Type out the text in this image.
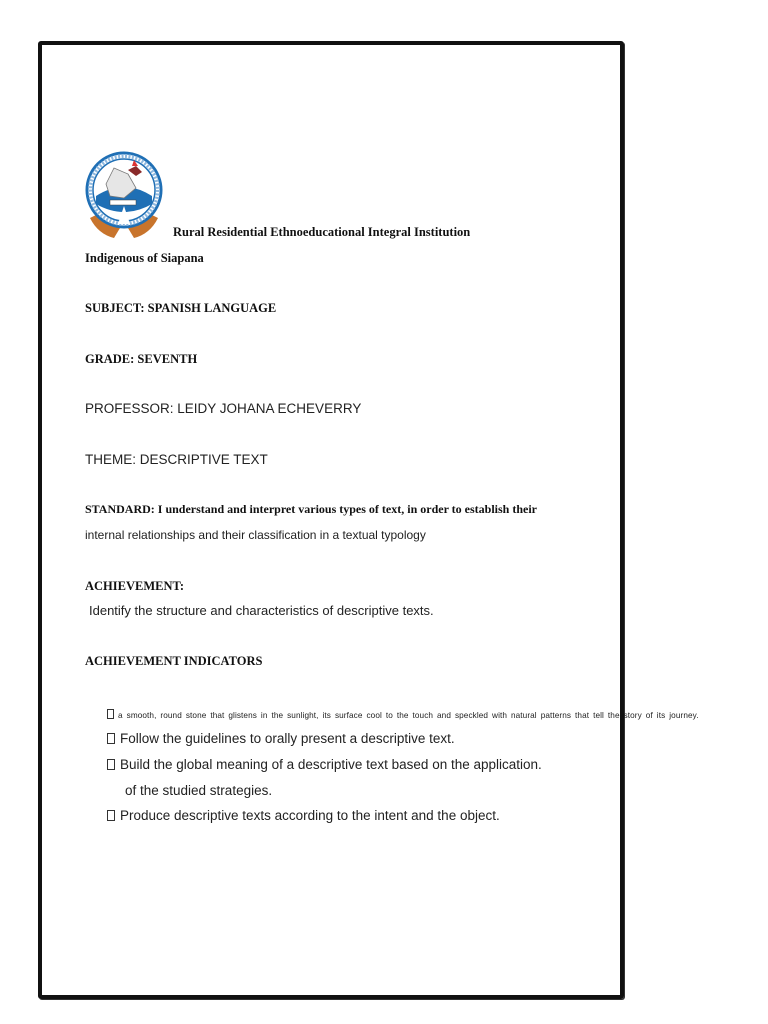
Rural Residential Ethnoeducational Integral Institution
Indigenous of Siapana
SUBJECT: SPANISH LANGUAGE
GRADE: SEVENTH
PROFESSOR: LEIDY JOHANA ECHEVERRY
THEME: DESCRIPTIVE TEXT
STANDARD: I understand and interpret various types of text, in order to establish their
internal relationships and their classification in a textual typology
ACHIEVEMENT:
Identify the structure and characteristics of descriptive texts.
ACHIEVEMENT INDICATORS
a smooth, round stone that glistens in the sunlight, its surface cool to the touch and speckled with natural patterns that tell the story of its journey.
Follow the guidelines to orally present a descriptive text.
Build the global meaning of a descriptive text based on the application.
of the studied strategies.
Produce descriptive texts according to the intent and the object.
